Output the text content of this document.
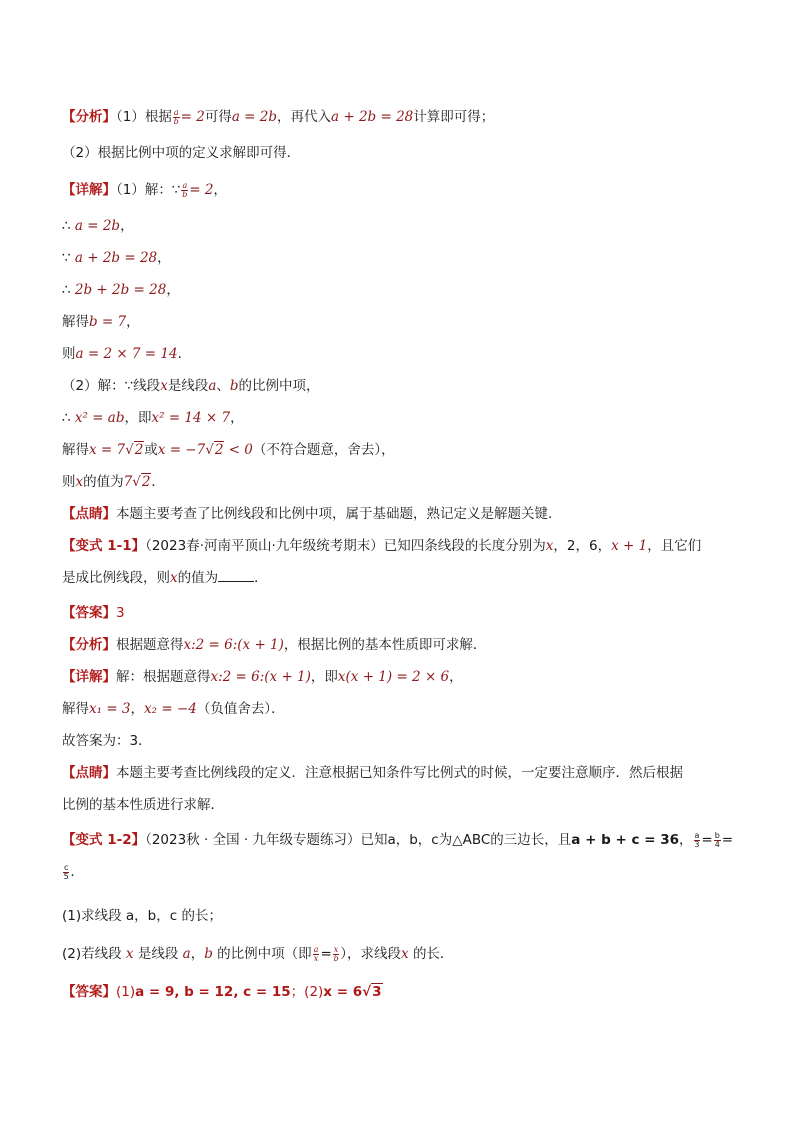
【分析】（1）根据 $\frac{a}{b} = 2$可得a = 2b，再代入a + 2b = 28计算即可得；
（2）根据比例中项的定义求解即可得．
【详解】（1）解：∵ $\frac{a}{b} = 2$，
∴ a = 2b，
∵ a + 2b = 28，
∴ 2b + 2b = 28，
解得b = 7，
则a = 2 × 7 = 14．
（2）解：∵线段x是线段a、b的比例中项，
∴ x² = ab，即x² = 14 × 7，
解得x = 7√2或x = −7√2 < 0（不符合题意，舍去），
则x的值为7√2．
【点睛】本题主要考查了比例线段和比例中项，属于基础题，熟记定义是解题关键．
【变式 1-1】（2023春·河南平顶山·九年级统考期末）已知四条线段的长度分别为x，2，6，x + 1，且它们
是成比例线段，则x的值为	．
【答案】3
【分析】根据题意得x:2 = 6:(x + 1)，根据比例的基本性质即可求解．
【详解】解：根据题意得x:2 = 6:(x + 1)，即x(x + 1) = 2 × 6，
解得x₁ = 3，x₂ = −4（负值舍去）．
故答案为：3．
【点睛】本题主要考查比例线段的定义．注意根据已知条件写比例式的时候，一定要注意顺序．然后根据
比例的基本性质进行求解．
【变式 1-2】（2023秋 · 全国 · 九年级专题练习）已知a，b，c为△ABC的三边长，且a + b + c = 36， $\frac{a}{3} = \frac{b}{4}$ =
$\frac{c}{5}$ .
(1)求线段 a，b，c 的长；
(2)若线段 x 是线段 a，b 的比例中项（即 $\frac{a}{x} = \frac{x}{b}$ ），求线段x 的长．
【答案】(1)a = 9, b = 12, c = 15；(2)x = 6√3
